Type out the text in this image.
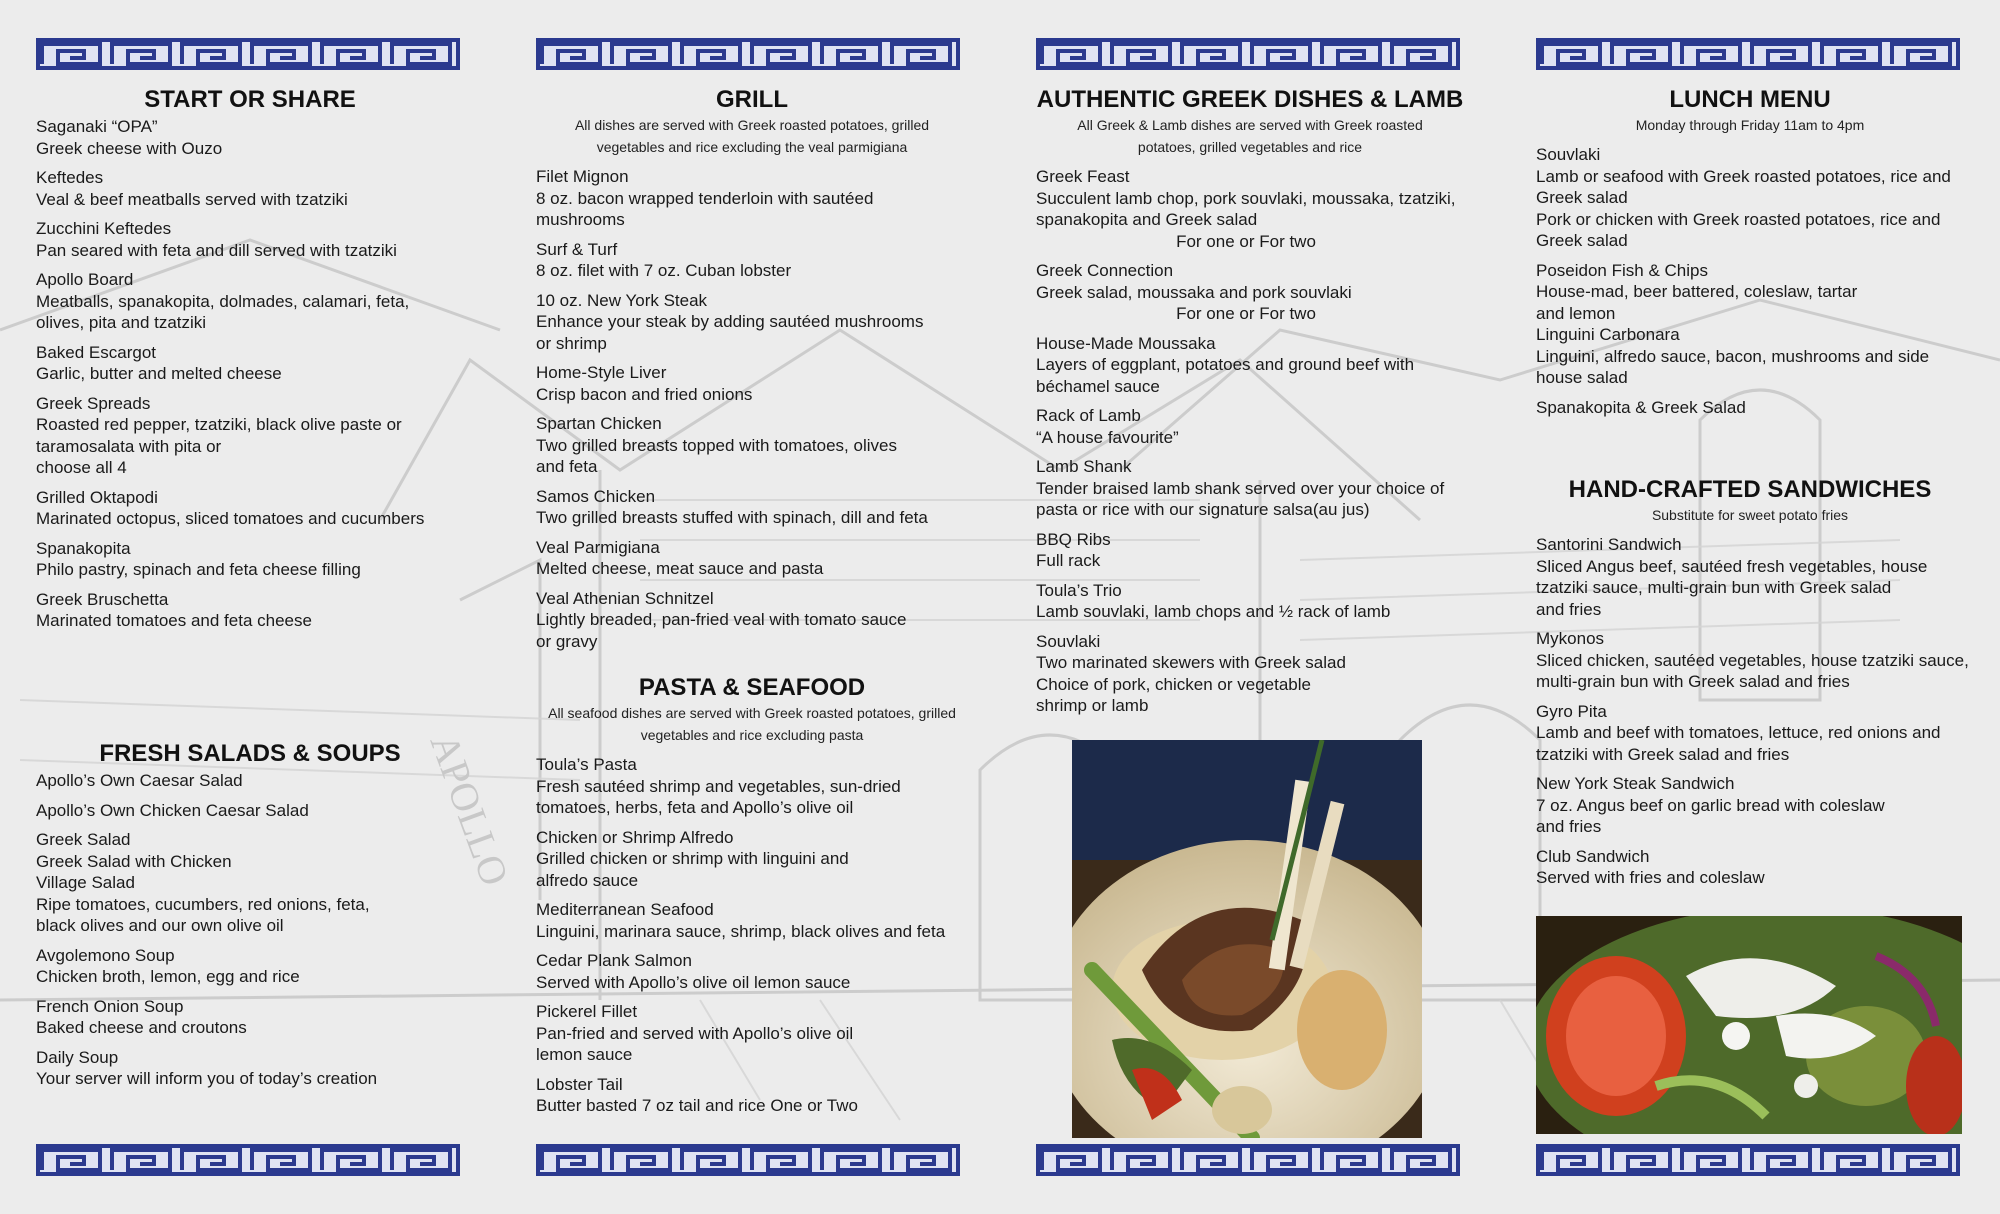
APOLLO
START OR SHARE
Saganaki “OPA”
Greek cheese with Ouzo
Keftedes
Veal & beef meatballs served with tzatziki
Zucchini Keftedes
Pan seared with feta and dill served with tzatziki
Apollo Board
Meatballs, spanakopita, dolmades, calamari, feta,
olives, pita and tzatziki
Baked Escargot
Garlic, butter and melted cheese
Greek Spreads
Roasted red pepper, tzatziki, black olive paste or
taramosalata with pita or
choose all 4
Grilled Oktapodi
Marinated octopus, sliced tomatoes and cucumbers
Spanakopita
Philo pastry, spinach and feta cheese filling
Greek Bruschetta
Marinated tomatoes and feta cheese
FRESH SALADS & SOUPS
Apollo’s Own Caesar Salad
Apollo’s Own Chicken Caesar Salad
Greek Salad
Greek Salad with Chicken
Village Salad
Ripe tomatoes, cucumbers, red onions, feta,
black olives and our own olive oil
Avgolemono Soup
Chicken broth, lemon, egg and rice
French Onion Soup
Baked cheese and croutons
Daily Soup
Your server will inform you of today’s creation
GRILL

All dishes are served with Greek roasted potatoes, grilled vegetables and rice excluding the veal parmigiana

Filet Mignon
8 oz. bacon wrapped tenderloin with sautéed
mushrooms
Surf & Turf
8 oz. filet with 7 oz. Cuban lobster
10 oz. New York Steak
Enhance your steak by adding sautéed mushrooms
or shrimp
Home-Style Liver
Crisp bacon and fried onions
Spartan Chicken
Two grilled breasts topped with tomatoes, olives
and feta
Samos Chicken
Two grilled breasts stuffed with spinach, dill and feta
Veal Parmigiana
Melted cheese, meat sauce and pasta
Veal Athenian Schnitzel
Lightly breaded, pan-fried veal with tomato sauce
or gravy
PASTA & SEAFOOD

All seafood dishes are served with Greek roasted potatoes, grilled vegetables and rice excluding pasta

Toula’s Pasta
Fresh sautéed shrimp and vegetables, sun-dried
tomatoes, herbs, feta and Apollo’s olive oil
Chicken or Shrimp Alfredo
Grilled chicken or shrimp with linguini and
alfredo sauce
Mediterranean Seafood
Linguini, marinara sauce, shrimp, black olives and feta
Cedar Plank Salmon
Served with Apollo’s olive oil lemon sauce
Pickerel Fillet
Pan-fried and served with Apollo’s olive oil
lemon sauce
Lobster Tail
Butter basted 7 oz tail and rice One or Two
AUTHENTIC GREEK DISHES & LAMB

All Greek & Lamb dishes are served with Greek roasted potatoes, grilled vegetables and rice

Greek Feast
Succulent lamb chop, pork souvlaki, moussaka, tzatziki,
spanakopita and Greek salad
For one or For two
Greek Connection
Greek salad, moussaka and pork souvlaki
For one or For two
House-Made Moussaka
Layers of eggplant, potatoes and ground beef with
béchamel sauce
Rack of Lamb
“A house favourite”
Lamb Shank
Tender braised lamb shank served over your choice of
pasta or rice with our signature salsa(au jus)
BBQ Ribs
Full rack
Toula’s Trio
Lamb souvlaki, lamb chops and ½ rack of lamb
Souvlaki
Two marinated skewers with Greek salad
Choice of pork, chicken or vegetable
shrimp or lamb
LUNCH MENU

Monday through Friday 11am to 4pm

Souvlaki
Lamb or seafood with Greek roasted potatoes, rice and
Greek salad
Pork or chicken with Greek roasted potatoes, rice and
Greek salad
Poseidon Fish & Chips
House-mad, beer battered, coleslaw, tartar
and lemon
Linguini Carbonara
Linguini, alfredo sauce, bacon, mushrooms and side
house salad
Spanakopita & Greek Salad
HAND-CRAFTED SANDWICHES

Substitute for sweet potato fries

Santorini Sandwich
Sliced Angus beef, sautéed fresh vegetables, house
tzatziki sauce, multi-grain bun with Greek salad
and fries
Mykonos
Sliced chicken, sautéed vegetables, house tzatziki sauce,
multi-grain bun with Greek salad and fries
Gyro Pita
Lamb and beef with tomatoes, lettuce, red onions and
tzatziki with Greek salad and fries
New York Steak Sandwich
7 oz. Angus beef on garlic bread with coleslaw
and fries
Club Sandwich
Served with fries and coleslaw
